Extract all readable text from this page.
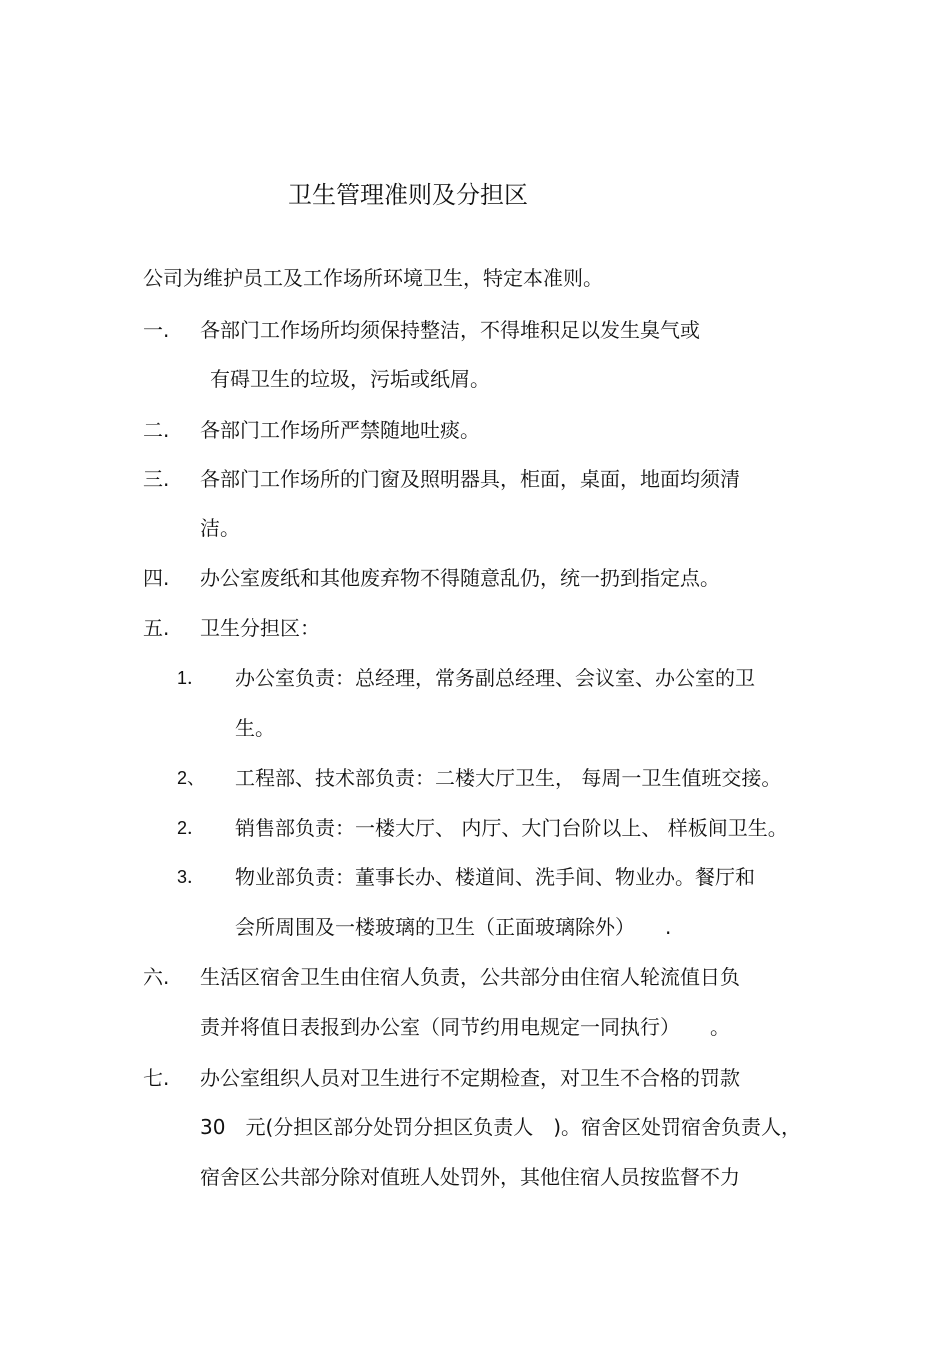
卫生管理准则及分担区
公司为维护员工及工作场所环境卫生，特定本准则。
一. 各部门工作场所均须保持整洁，不得堆积足以发生臭气或
有碍卫生的垃圾，污垢或纸屑。
二. 各部门工作场所严禁随地吐痰。
三. 各部门工作场所的门窗及照明器具，柜面，桌面，地面均须清
洁。
四. 办公室废纸和其他废弃物不得随意乱仍，统一扔到指定点。
五. 卫生分担区：
1． 办公室负责：总经理，常务副总经理、会议室、办公室的卫
生。
2、 工程部、技术部负责：二楼大厅卫生， 每周一卫生值班交接。
2． 销售部负责：一楼大厅、 内厅、大门台阶以上、 样板间卫生。
3． 物业部负责：董事长办、楼道间、洗手间、物业办。餐厅和
会所周围及一楼玻璃的卫生（正面玻璃除外）　　.
六. 生活区宿舍卫生由住宿人负责，公共部分由住宿人轮流值日负
责并将值日表报到办公室（同节约用电规定一同执行）　　。
七. 办公室组织人员对卫生进行不定期检查，对卫生不合格的罚款
30　元(分担区部分处罚分担区负责人　)。宿舍区处罚宿舍负责人，
宿舍区公共部分除对值班人处罚外，其他住宿人员按监督不力
